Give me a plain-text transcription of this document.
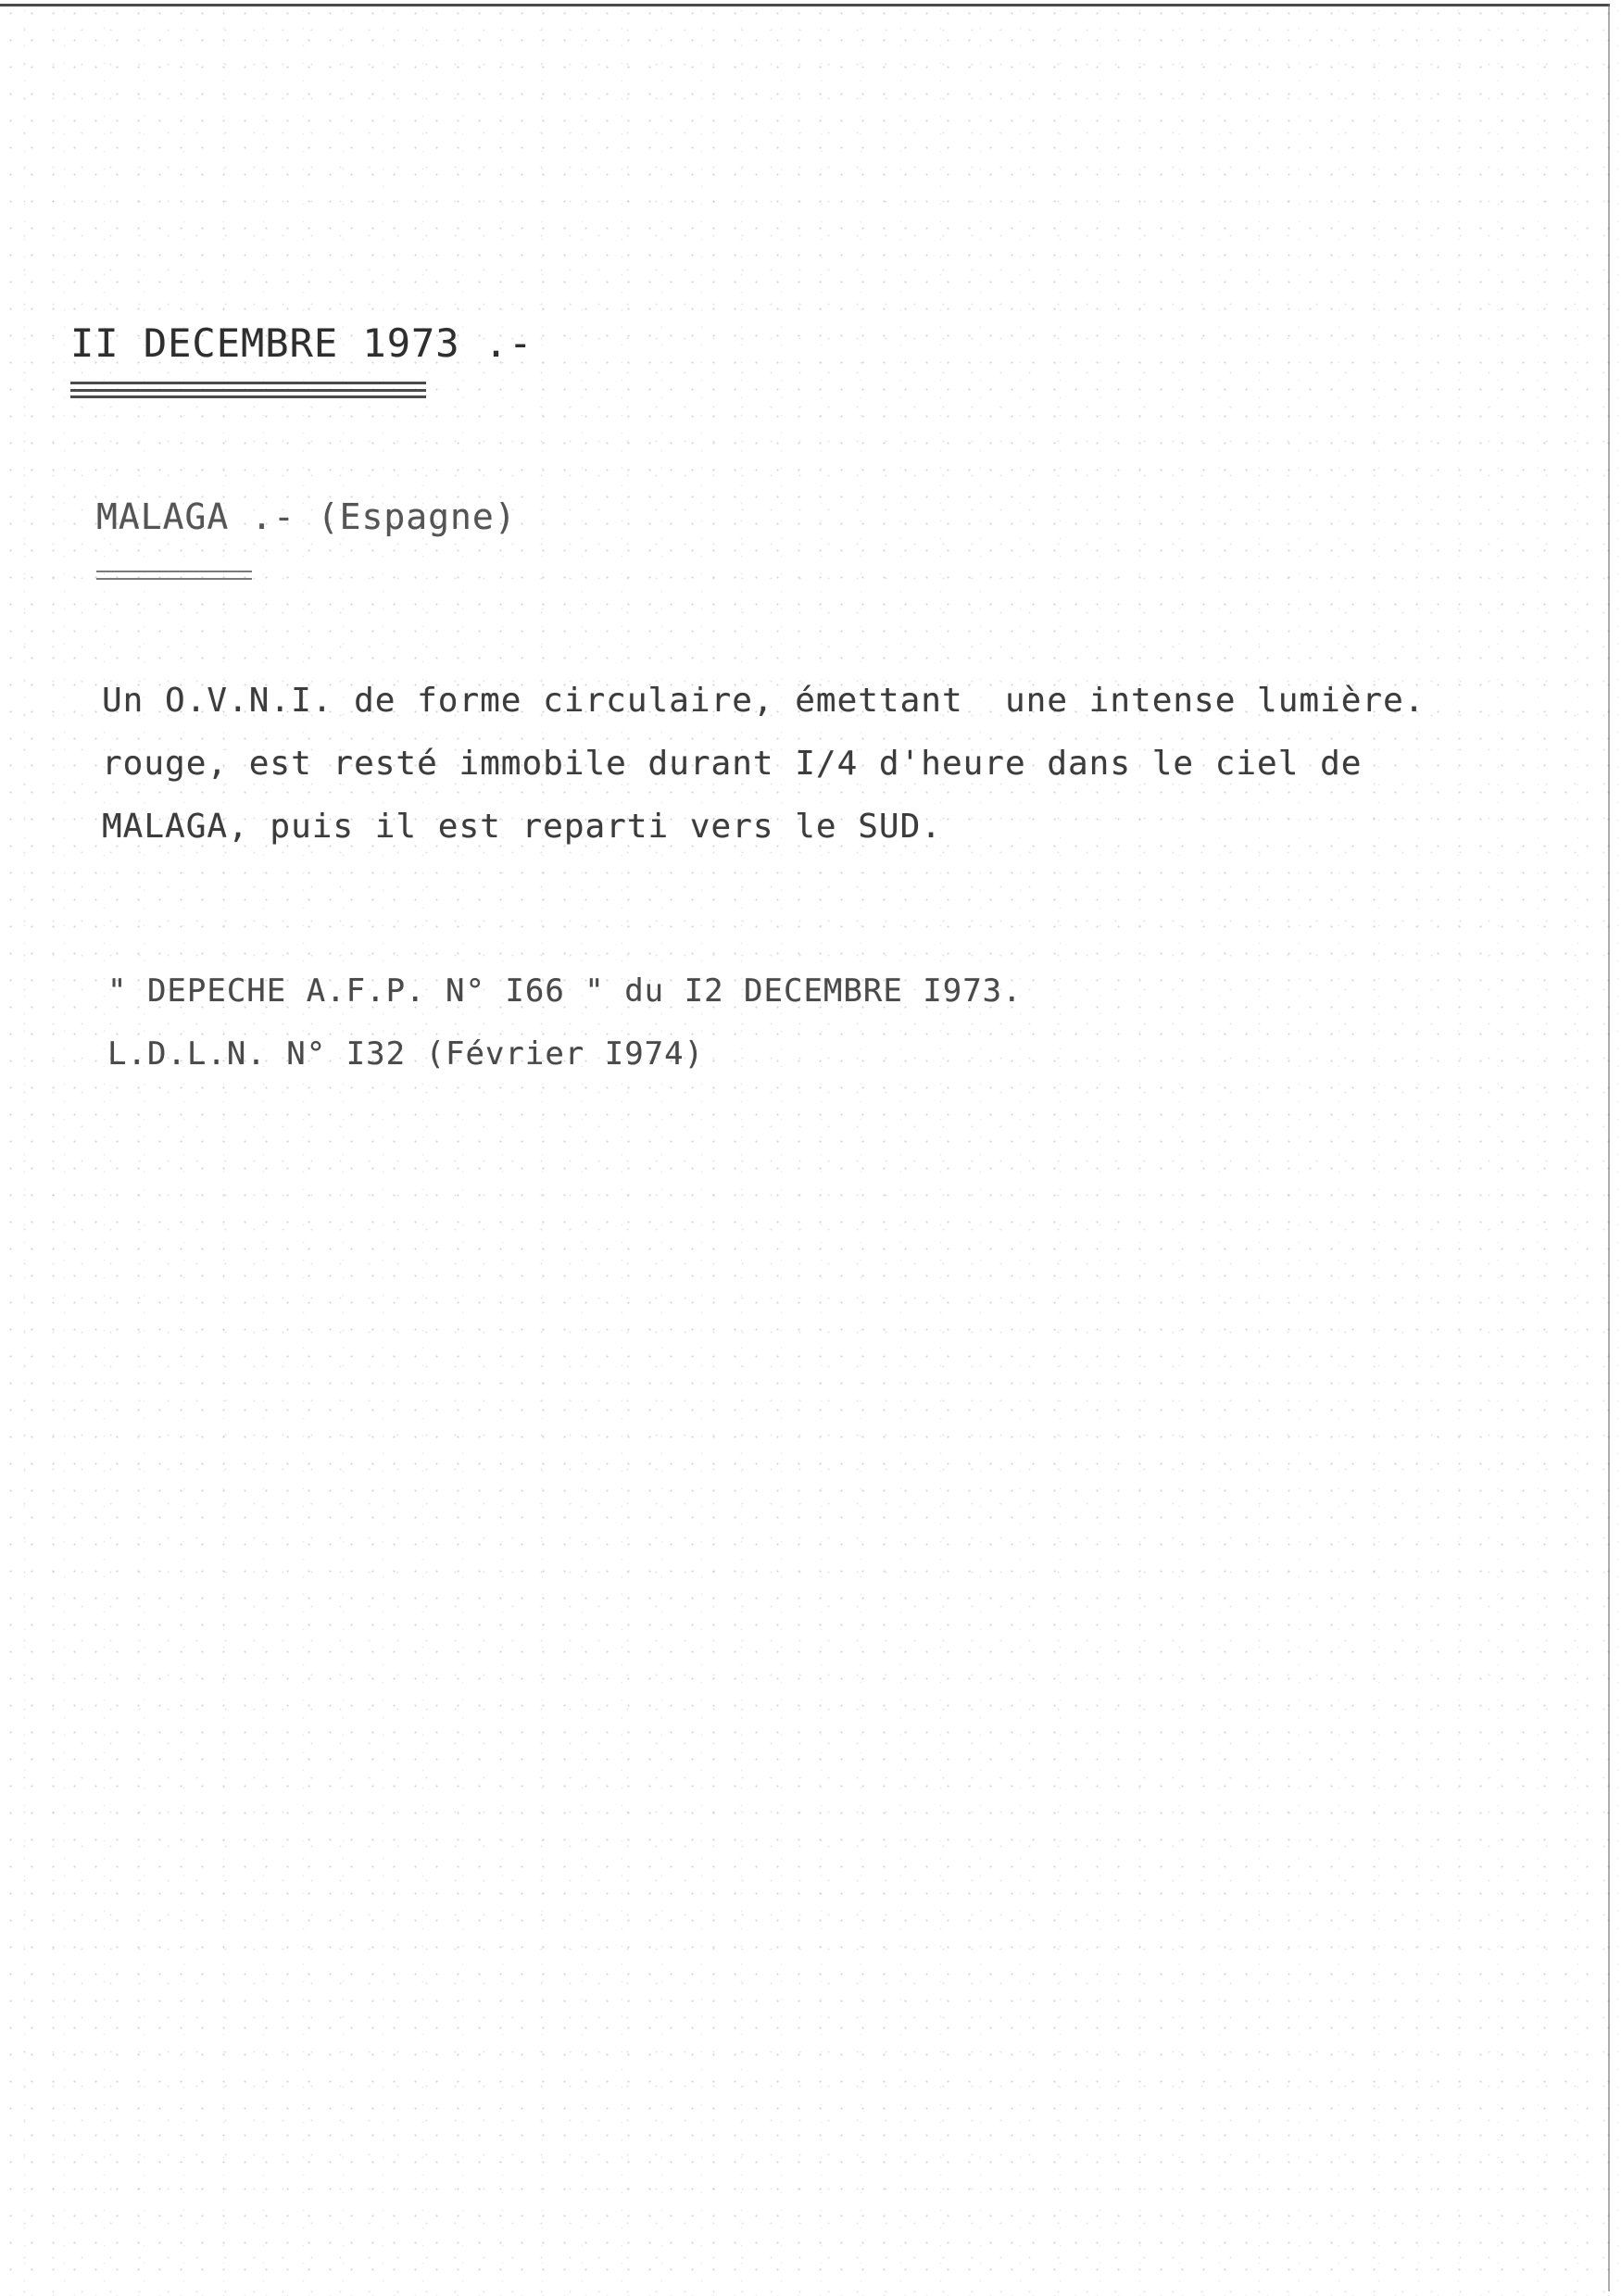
II DECEMBRE 1973 .-
MALAGA .- (Espagne)
Un O.V.N.I. de forme circulaire, émettant  une intense lumière.
rouge, est resté immobile durant I/4 d'heure dans le ciel de
MALAGA, puis il est reparti vers le SUD.
" DEPECHE A.F.P. N° I66 " du I2 DECEMBRE I973.
L.D.L.N. N° I32 (Février I974)
